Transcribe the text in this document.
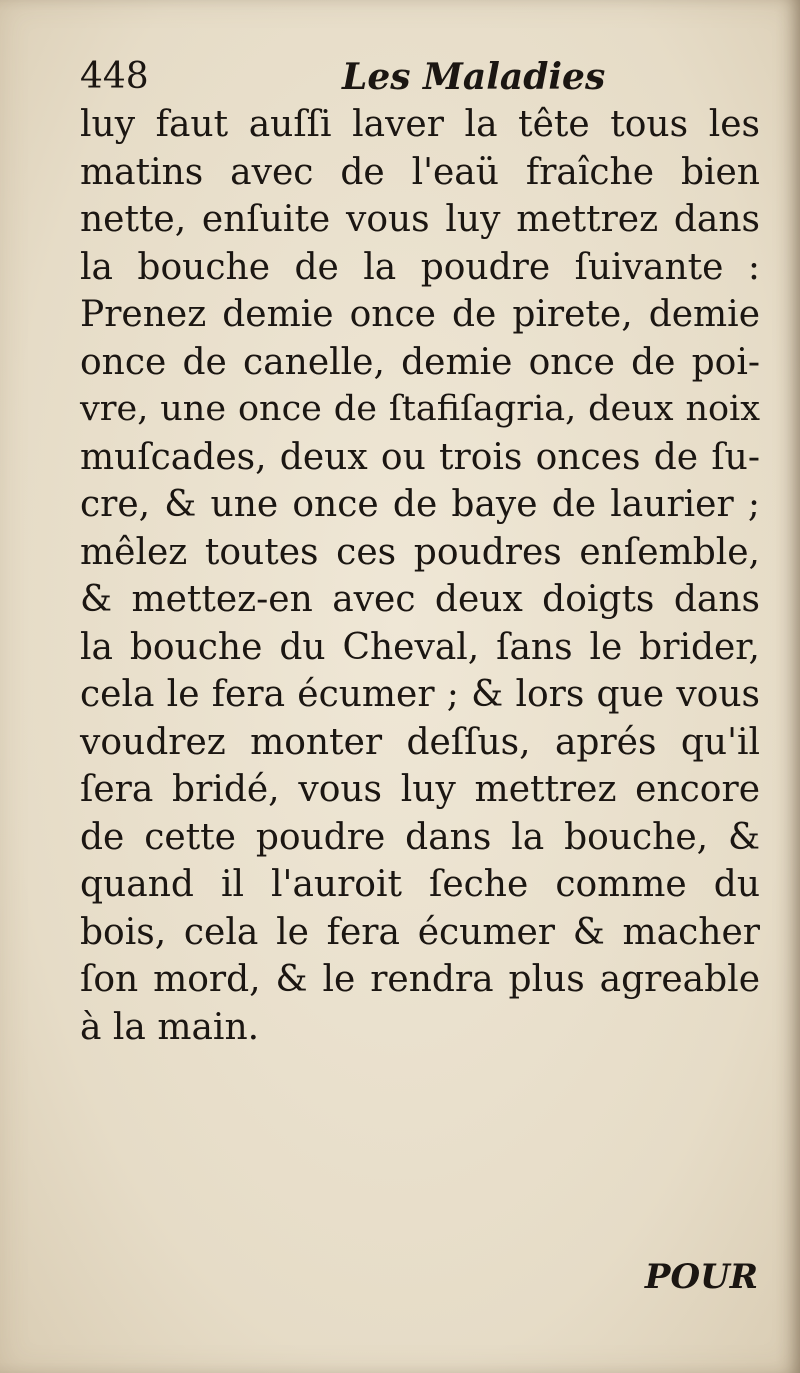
448	Les Maladies
luy faut auſſi laver la tête tous les
matins avec de l'eaü fraîche bien
nette, enſuite vous luy mettrez dans
la bouche de la poudre ſuivante :
Prenez demie once de pirete, demie
once de canelle, demie once de poi-
vre, une once de ſtafiſagria, deux noix
muſcades, deux ou trois onces de ſu-
cre, & une once de baye de laurier ;
mêlez toutes ces poudres enſemble,
& mettez-en avec deux doigts dans
la bouche du Cheval, ſans le brider,
cela le fera écumer ; & lors que vous
voudrez monter deſſus, aprés qu'il
ſera bridé, vous luy mettrez encore
de cette poudre dans la bouche, &
quand il l'auroit ſeche comme du
bois, cela le fera écumer & macher
ſon mord, & le rendra plus agreable
à la main.
POUR
